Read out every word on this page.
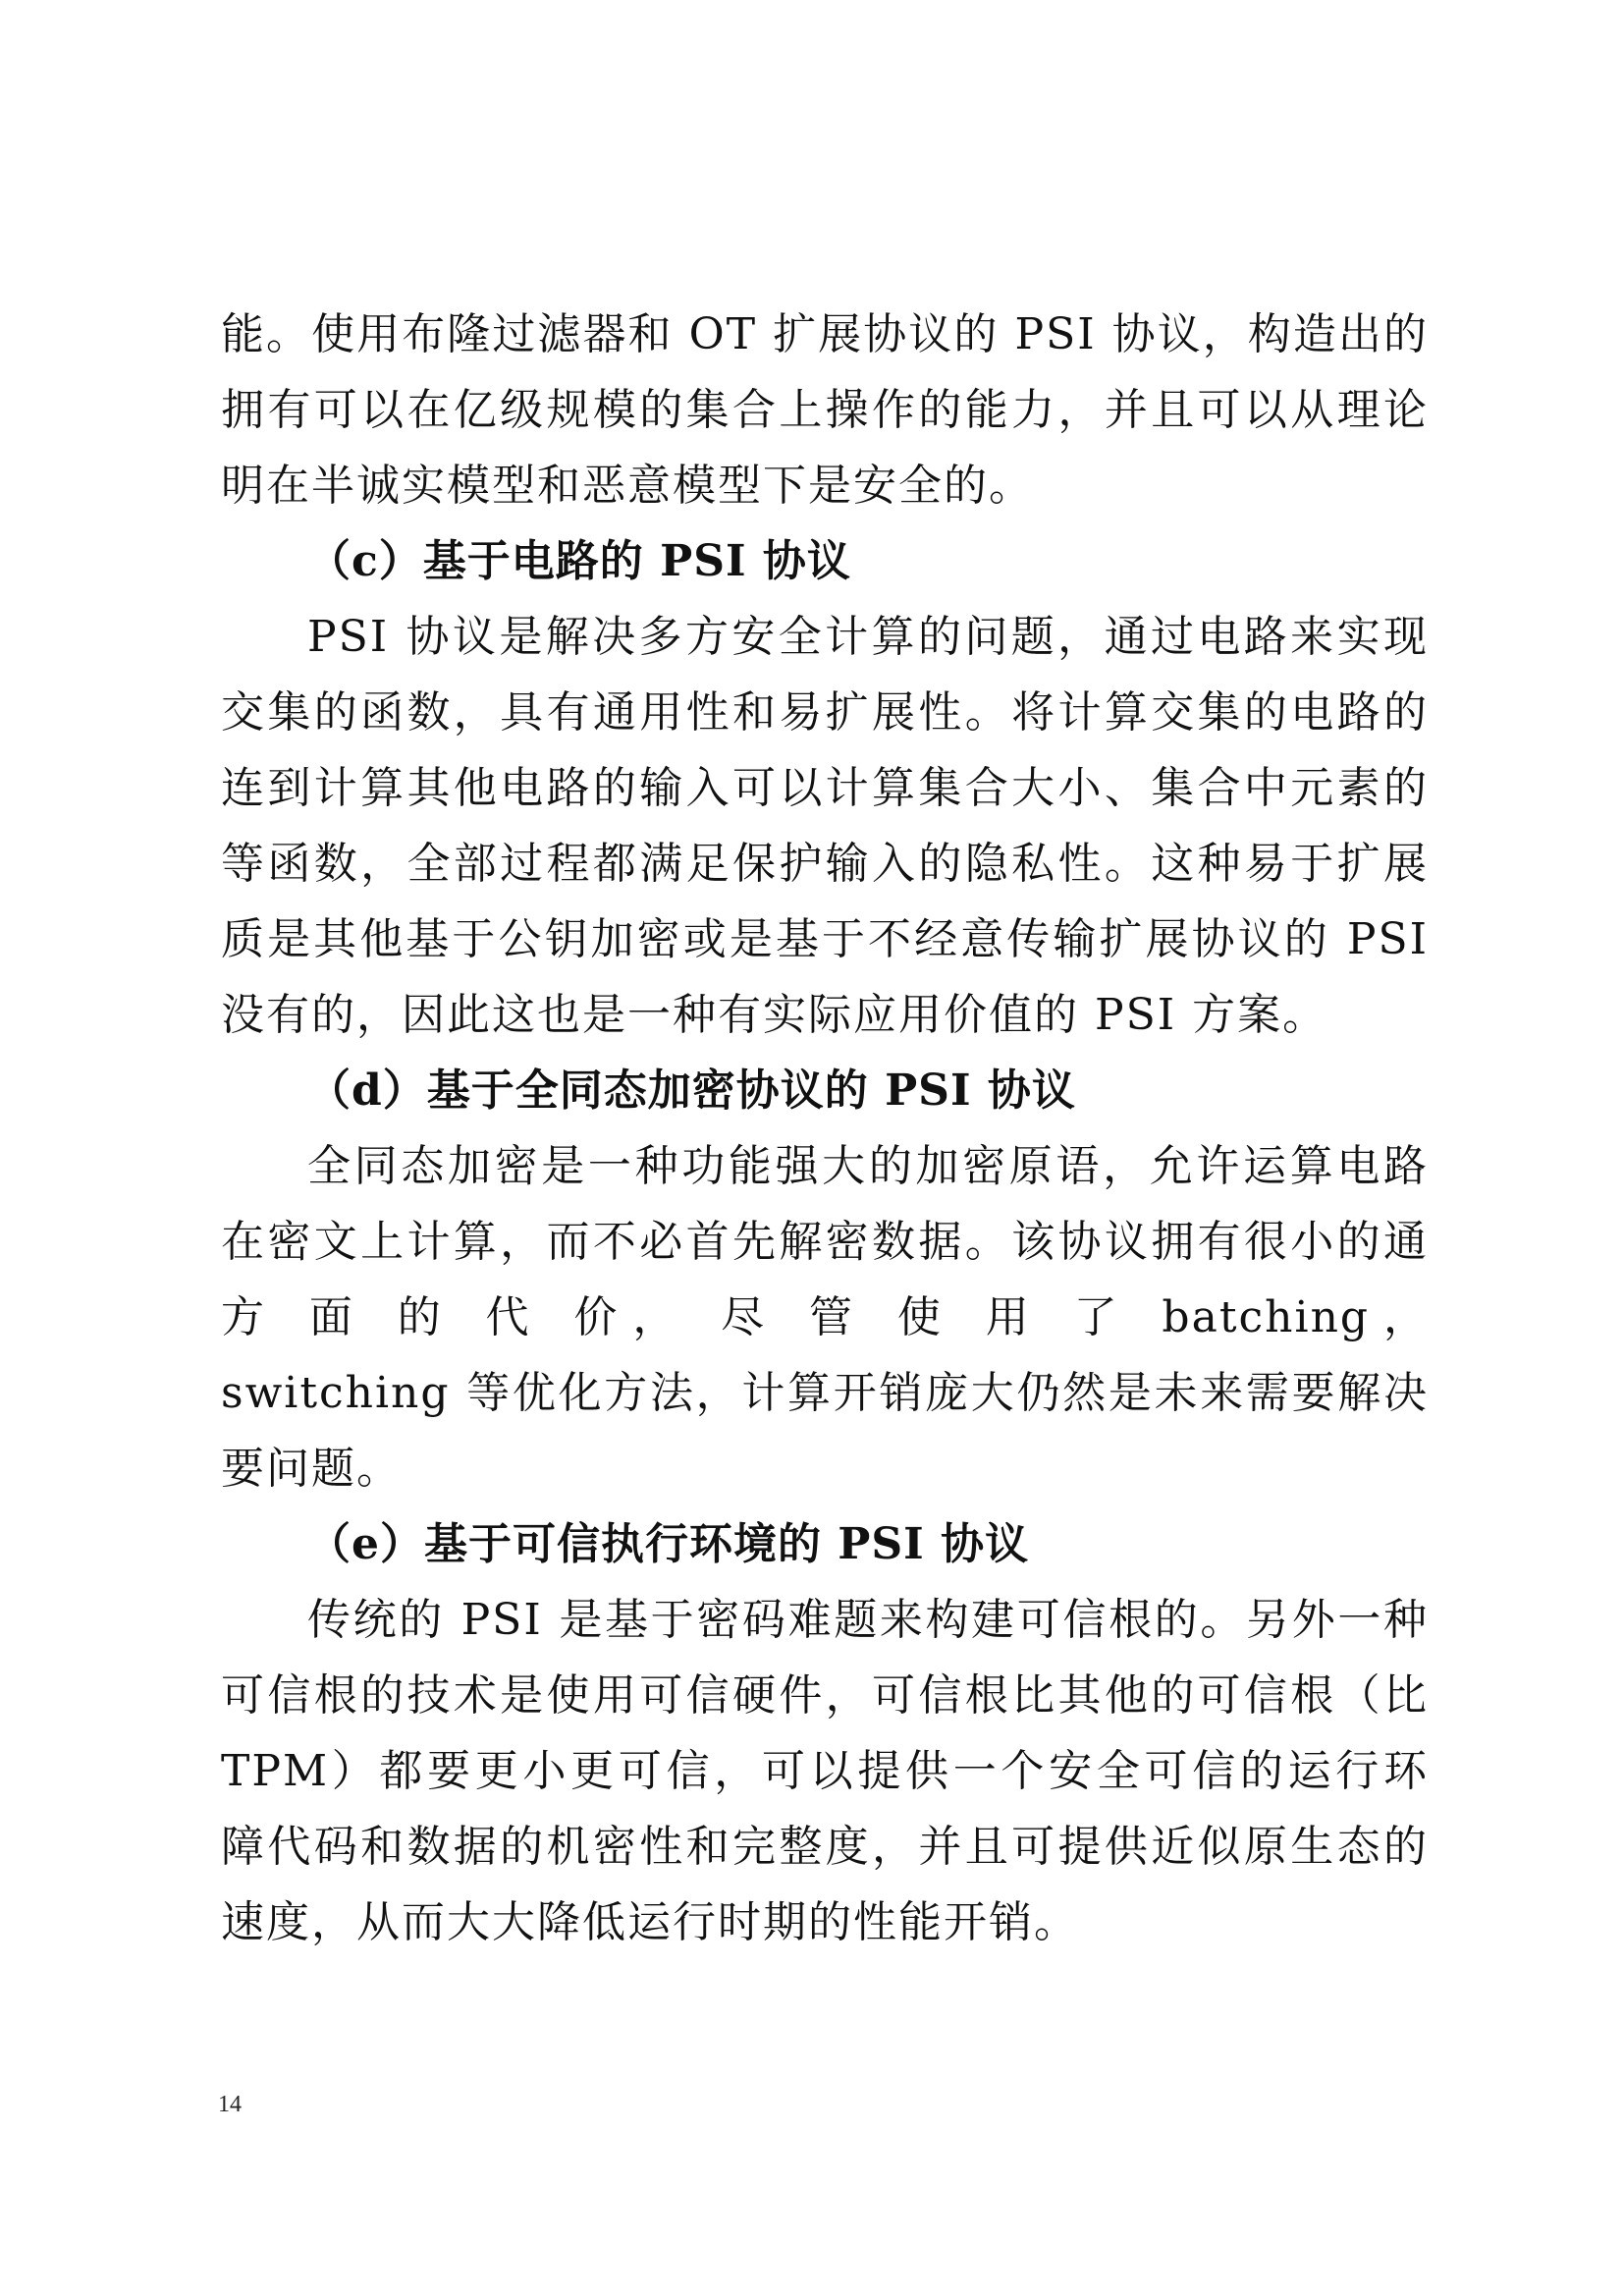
能。使用布隆过滤器和 OT 扩展协议的 PSI 协议，构造出的
拥有可以在亿级规模的集合上操作的能力，并且可以从理论
明在半诚实模型和恶意模型下是安全的。
（c）基于电路的 PSI 协议
PSI 协议是解决多方安全计算的问题，通过电路来实现
交集的函数，具有通用性和易扩展性。将计算交集的电路的
连到计算其他电路的输入可以计算集合大小、集合中元素的
等函数，全部过程都满足保护输入的隐私性。这种易于扩展
质是其他基于公钥加密或是基于不经意传输扩展协议的 PSI
没有的，因此这也是一种有实际应用价值的 PSI 方案。
（d）基于全同态加密协议的 PSI 协议
全同态加密是一种功能强大的加密原语，允许运算电路
在密文上计算，而不必首先解密数据。该协议拥有很小的通
方 面 的 代 价， 尽 管 使 用 了 batching，
switching 等优化方法，计算开销庞大仍然是未来需要解决
要问题。
（e）基于可信执行环境的 PSI 协议
传统的 PSI 是基于密码难题来构建可信根的。另外一种
可信根的技术是使用可信硬件，可信根比其他的可信根（比
TPM）都要更小更可信，可以提供一个安全可信的运行环
障代码和数据的机密性和完整度，并且可提供近似原生态的
速度，从而大大降低运行时期的性能开销。
14
